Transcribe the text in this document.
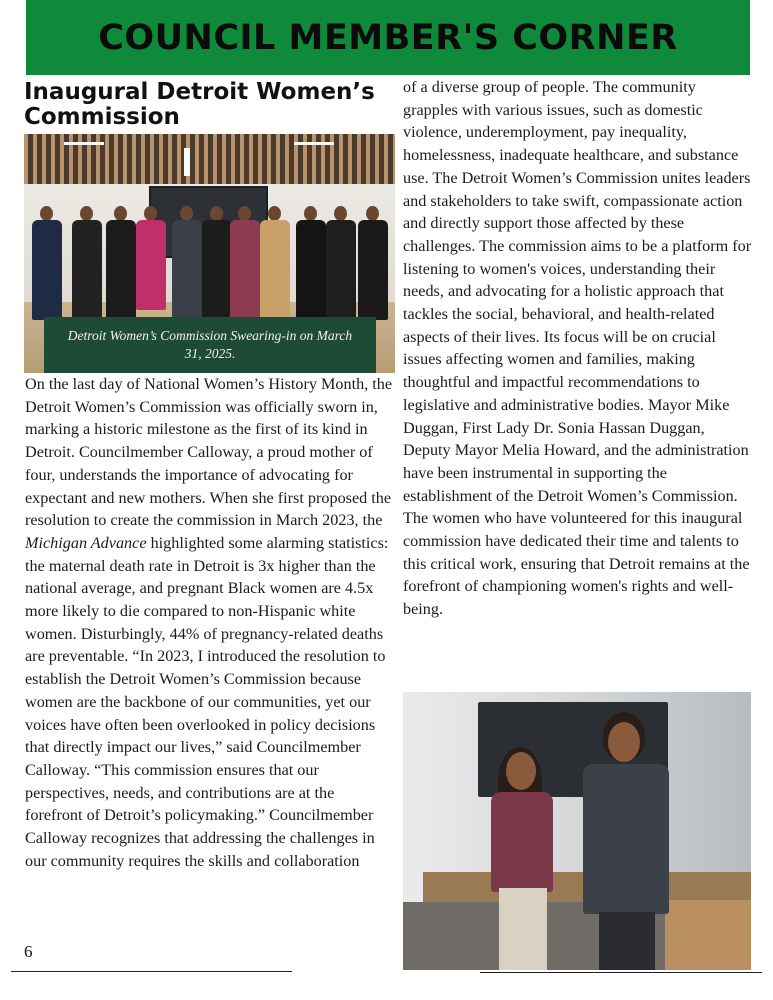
COUNCIL MEMBER'S CORNER
Inaugural Detroit Women’s
Commission
Detroit Women’s Commission Swearing-in on March 31, 2025.
On the last day of National Women’s History Month, the Detroit Women’s Commission was officially sworn in, marking a historic milestone as the first of its kind in Detroit. Councilmember Calloway, a proud mother of four, understands the importance of advocating for expectant and new mothers. When she first proposed the resolution to create the commission in March 2023, the Michigan Advance highlighted some alarming statistics: the maternal death rate in Detroit is 3x higher than the national average, and pregnant Black women are 4.5x more likely to die compared to non-Hispanic white women. Disturbingly, 44% of pregnancy-related deaths are preventable. “In 2023, I introduced the resolution to establish the Detroit Women’s Commission because women are the backbone of our communities, yet our voices have often been overlooked in policy decisions that directly impact our lives,” said Councilmember Calloway. “This commission ensures that our perspectives, needs, and contributions are at the forefront of Detroit’s policymaking.” Councilmember Calloway recognizes that addressing the challenges in our community requires the skills and collaboration
of a diverse group of people. The community grapples with various issues, such as domestic violence, underemployment, pay inequality, homelessness, inadequate healthcare, and substance use. The Detroit Women’s Commission unites leaders and stakeholders to take swift, compassionate action and directly support those affected by these challenges. The commission aims to be a platform for listening to women's voices, understanding their needs, and advocating for a holistic approach that tackles the social, behavioral, and health-related aspects of their lives. Its focus will be on crucial issues affecting women and families, making thoughtful and impactful recommendations to legislative and administrative bodies. Mayor Mike Duggan, First Lady Dr. Sonia Hassan Duggan, Deputy Mayor Melia Howard, and the administration have been instrumental in supporting the establishment of the Detroit Women’s Commission. The women who have volunteered for this inaugural commission have dedicated their time and talents to this critical work, ensuring that Detroit remains at the forefront of championing women's rights and well-being.
6
